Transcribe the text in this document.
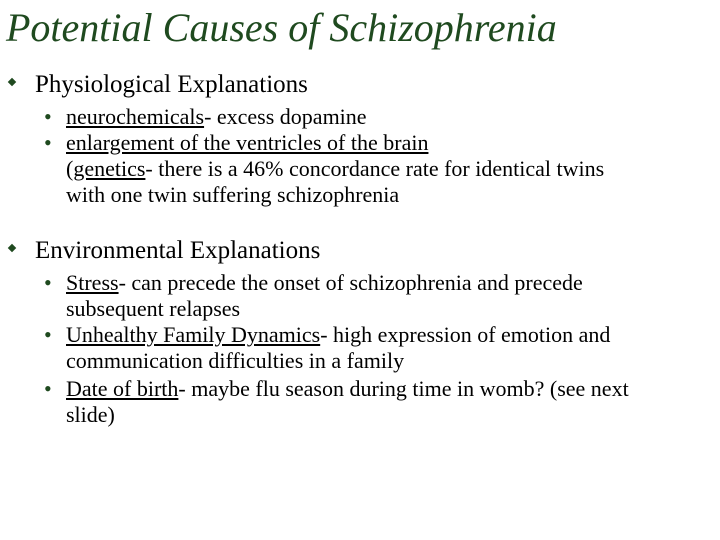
Potential Causes of Schizophrenia
Physiological Explanations
• neurochemicals- excess dopamine
• enlargement of the ventricles of the brain
(genetics- there is a 46% concordance rate for identical twins
with one twin suffering schizophrenia
Environmental Explanations
• Stress- can precede the onset of schizophrenia and precede
subsequent relapses
• Unhealthy Family Dynamics- high expression of emotion and
communication difficulties in a family
• Date of birth- maybe flu season during time in womb? (see next
slide)
